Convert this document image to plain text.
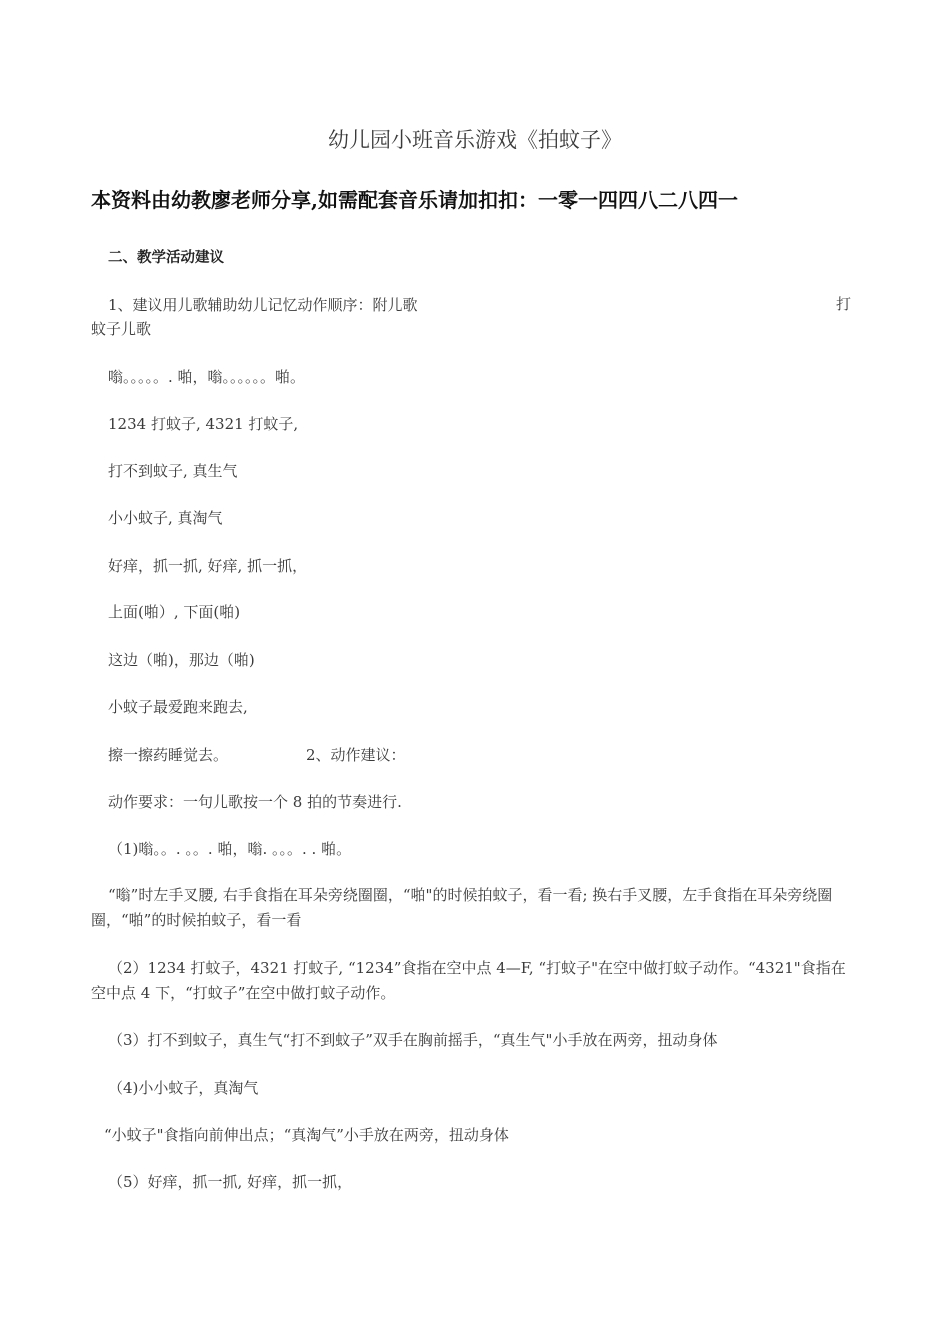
幼儿园小班音乐游戏《拍蚊子》
本资料由幼教廖老师分享,如需配套音乐请加扣扣：一零一四四八二八四一
二、教学活动建议
1、建议用儿歌辅助幼儿记忆动作顺序：附儿歌	打
蚊子儿歌
嗡。。。。。. 啪，嗡。。。。。。啪。
1234 打蚊子, 4321 打蚊子,
打不到蚊子, 真生气
小小蚊子, 真淘气
好痒，抓一抓, 好痒, 抓一抓，
上面(啪）, 下面(啪)
这边（啪)，那边（啪)
小蚊子最爱跑来跑去,
擦一擦药睡觉去。	2、动作建议：
动作要求：一句儿歌按一个 8 拍的节奏进行.
（1)嗡。。. 。。. 啪，嗡. 。。。. . 啪。
“嗡”时左手叉腰, 右手食指在耳朵旁绕圈圈，“啪"的时候拍蚊子，看一看; 换右手叉腰，左手食指在耳朵旁绕圈圈，“啪”的时候拍蚊子，看一看
（2）1234 打蚊子，4321 打蚊子, “1234”食指在空中点 4—F, “打蚊子"在空中做打蚊子动作。“4321"食指在空中点 4 下，“打蚊子”在空中做打蚊子动作。
（3）打不到蚊子，真生气“打不到蚊子”双手在胸前摇手，“真生气"小手放在两旁，扭动身体
（4)小小蚊子，真淘气
“小蚊子"食指向前伸出点；“真淘气”小手放在两旁，扭动身体
（5）好痒，抓一抓, 好痒，抓一抓，
